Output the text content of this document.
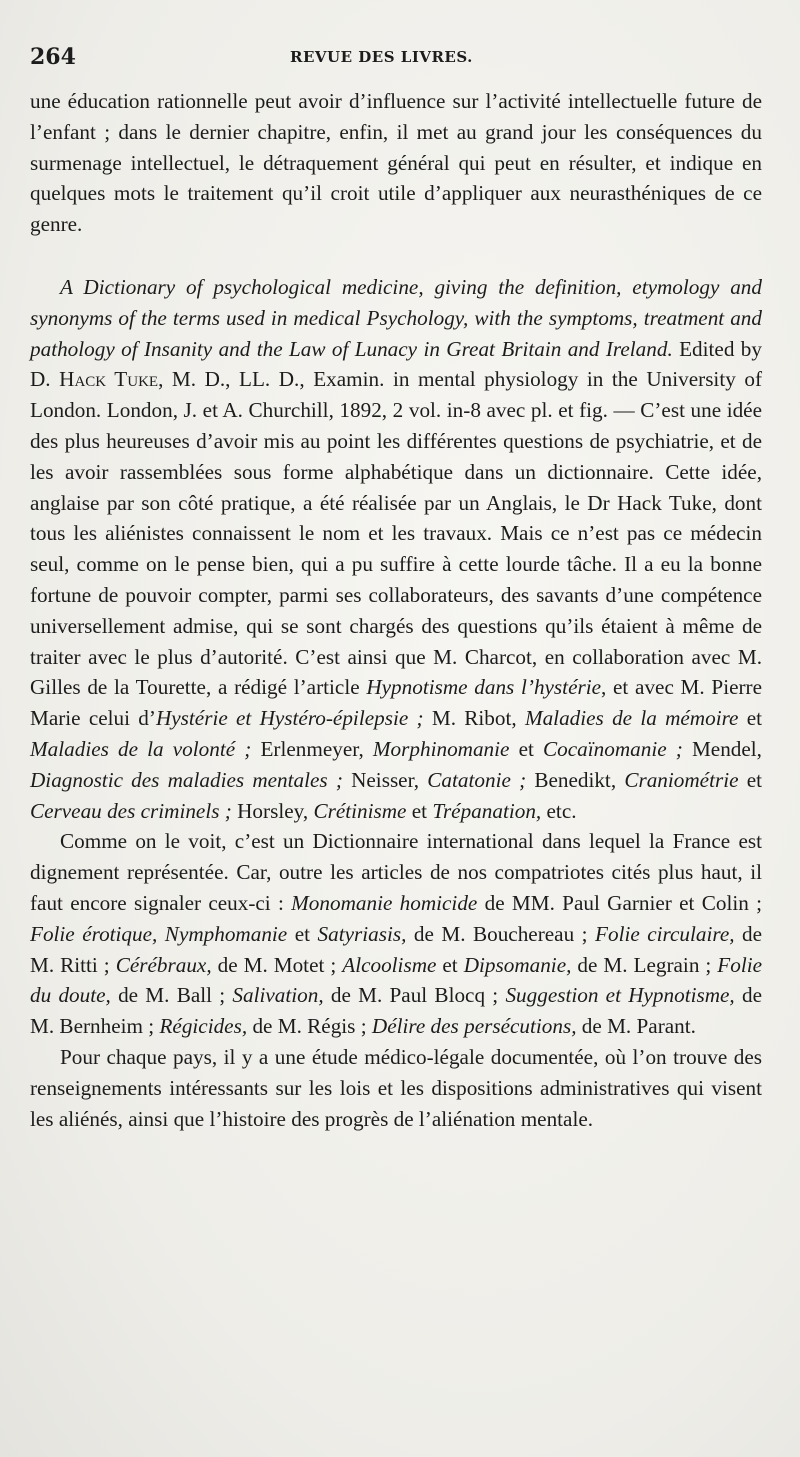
264	REVUE DES LIVRES.

une éducation rationnelle peut avoir d’influence sur l’activité intellectuelle future de l’enfant ; dans le dernier chapitre, enfin, il met au grand jour les conséquences du surmenage intellectuel, le détraquement général qui peut en résulter, et indique en quelques mots le traitement qu’il croit utile d’appliquer aux neurasthéniques de ce genre.

A Dictionary of psychological medicine, giving the definition, etymology and synonyms of the terms used in medical Psychology, with the symptoms, treatment and pathology of Insanity and the Law of Lunacy in Great Britain and Ireland. Edited by D. Hack Tuke, M. D., LL. D., Examin. in mental physiology in the University of London. London, J. et A. Churchill, 1892, 2 vol. in-8 avec pl. et fig. — C’est une idée des plus heureuses d’avoir mis au point les différentes questions de psychiatrie, et de les avoir rassemblées sous forme alphabétique dans un dictionnaire. Cette idée, anglaise par son côté pratique, a été réalisée par un Anglais, le Dr Hack Tuke, dont tous les aliénistes connaissent le nom et les travaux. Mais ce n’est pas ce médecin seul, comme on le pense bien, qui a pu suffire à cette lourde tâche. Il a eu la bonne fortune de pouvoir compter, parmi ses collaborateurs, des savants d’une compétence universellement admise, qui se sont chargés des questions qu’ils étaient à même de traiter avec le plus d’autorité. C’est ainsi que M. Charcot, en collaboration avec M. Gilles de la Tourette, a rédigé l’article Hypnotisme dans l’hystérie, et avec M. Pierre Marie celui d’Hystérie et Hystéro-épilepsie ; M. Ribot, Maladies de la mémoire et Maladies de la volonté ; Erlenmeyer, Morphinomanie et Cocaïnomanie ; Mendel, Diagnostic des maladies mentales ; Neisser, Catatonie ; Benedikt, Craniométrie et Cerveau des criminels ; Horsley, Crétinisme et Trépanation, etc.

Comme on le voit, c’est un Dictionnaire international dans lequel la France est dignement représentée. Car, outre les articles de nos compatriotes cités plus haut, il faut encore signaler ceux-ci : Monomanie homicide de MM. Paul Garnier et Colin ; Folie érotique, Nymphomanie et Satyriasis, de M. Bouchereau ; Folie circulaire, de M. Ritti ; Cérébraux, de M. Motet ; Alcoolisme et Dipsomanie, de M. Legrain ; Folie du doute, de M. Ball ; Salivation, de M. Paul Blocq ; Suggestion et Hypnotisme, de M. Bernheim ; Régicides, de M. Régis ; Délire des persécutions, de M. Parant.

Pour chaque pays, il y a une étude médico-légale documentée, où l’on trouve des renseignements intéressants sur les lois et les dispositions administratives qui visent les aliénés, ainsi que l’histoire des progrès de l’aliénation mentale.
